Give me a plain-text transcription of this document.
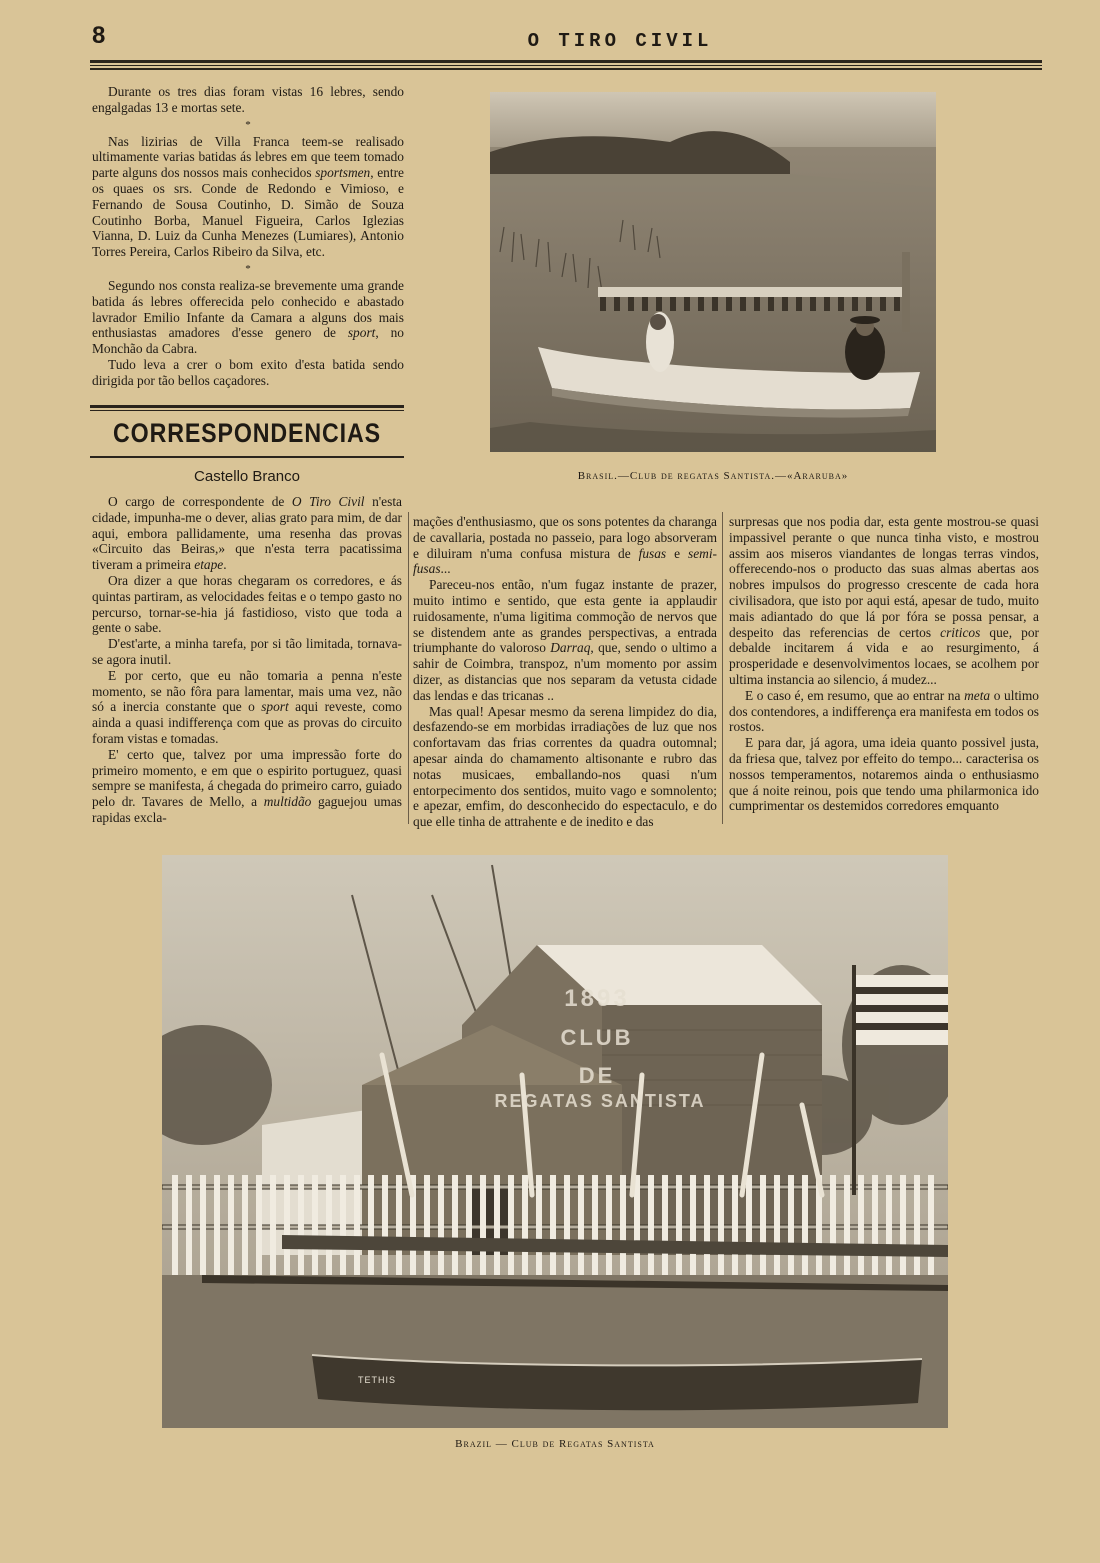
8	O TIRO CIVIL

Durante os tres dias foram vistas 16 lebres, sendo engalgadas 13 e mortas sete.

*

Nas lizirias de Villa Franca teem-se realisado ultimamente varias batidas ás lebres em que teem tomado parte alguns dos nossos mais conhecidos sportsmen, entre os quaes os srs. Conde de Redondo e Vimioso, e Fernando de Sousa Coutinho, D. Simão de Souza Coutinho Borba, Manuel Figueira, Carlos Iglezias Vianna, D. Luiz da Cunha Menezes (Lumiares), Antonio Torres Pereira, Carlos Ribeiro da Silva, etc.

*

Segundo nos consta realiza-se brevemente uma grande batida ás lebres offerecida pelo conhecido e abastado lavrador Emilio Infante da Camara a alguns dos mais enthusiastas amadores d'esse genero de sport, no Monchão da Cabra.

Tudo leva a crer o bom exito d'esta batida sendo dirigida por tão bellos caçadores.

CORRESPONDENCIAS
Castello Branco	Brasil.—Club de regatas Santista.—«Araruba»

O cargo de correspondente de O Tiro Civil n'esta cidade, impunha-me o dever, alias grato para mim, de dar aqui, embora pallidamente, uma resenha das provas «Circuito das Beiras,» que n'esta terra pacatissima tiveram a primeira etape.

Ora dizer a que horas chegaram os corredores, e ás quintas partiram, as velocidades feitas e o tempo gasto no percurso, tornar-se-hia já fastidioso, visto que toda a gente o sabe.

D'est'arte, a minha tarefa, por si tão limitada, tornava-se agora inutil.

E por certo, que eu não tomaria a penna n'este momento, se não fôra para lamentar, mais uma vez, não só a inercia constante que o sport aqui reveste, como ainda a quasi indifferença com que as provas do circuito foram vistas e tomadas.

E' certo que, talvez por uma impressão forte do primeiro momento, e em que o espirito portuguez, quasi sempre se manifesta, á chegada do primeiro carro, guiado pelo dr. Tavares de Mello, a multidão gaguejou umas rapidas excla-

mações d'enthusiasmo, que os sons potentes da charanga de cavallaria, postada no passeio, para logo absorveram e diluiram n'uma confusa mistura de fusas e semi-fusas...

Pareceu-nos então, n'um fugaz instante de prazer, muito intimo e sentido, que esta gente ia applaudir ruidosamente, n'uma ligitima commoção de nervos que se distendem ante as grandes perspectivas, a entrada triumphante do valoroso Darraq, que, sendo o ultimo a sahir de Coimbra, transpoz, n'um momento por assim dizer, as distancias que nos separam da vetusta cidade das lendas e das tricanas ..

Mas qual! Apesar mesmo da serena limpidez do dia, desfazendo-se em morbidas irradiações de luz que nos confortavam das frias correntes da quadra outomnal; apesar ainda do chamamento altisonante e rubro das notas musicaes, emballando-nos quasi n'um entorpecimento dos sentidos, muito vago e somnolento; e apezar, emfim, do desconhecido do espectaculo, e do que elle tinha de attrahente e de inedito e das

surpresas que nos podia dar, esta gente mostrou-se quasi impassivel perante o que nunca tinha visto, e mostrou assim aos miseros viandantes de longas terras vindos, offerecendo-nos o producto das suas almas abertas aos nobres impulsos do progresso crescente de cada hora civilisadora, que isto por aqui está, apesar de tudo, muito mais adiantado do que lá por fóra se possa pensar, a despeito das referencias de certos criticos que, por debalde incitarem á vida e ao resurgimento, á prosperidade e desenvolvimentos locaes, se acolhem por ultima instancia ao silencio, á mudez...

E o caso é, em resumo, que ao entrar na meta o ultimo dos contendores, a indifferença era manifesta em todos os rostos.

E para dar, já agora, uma ideia quanto possivel justa, da friesa que, talvez por effeito do tempo... caracterisa os nossos temperamentos, notaremos ainda o enthusiasmo que á noite reinou, pois que tendo uma philarmonica ido cumprimentar os destemidos corredores emquanto

1893
CLUB
DE
REGATAS SANTISTA
TETHIS
Brazil — Club de Regatas Santista
